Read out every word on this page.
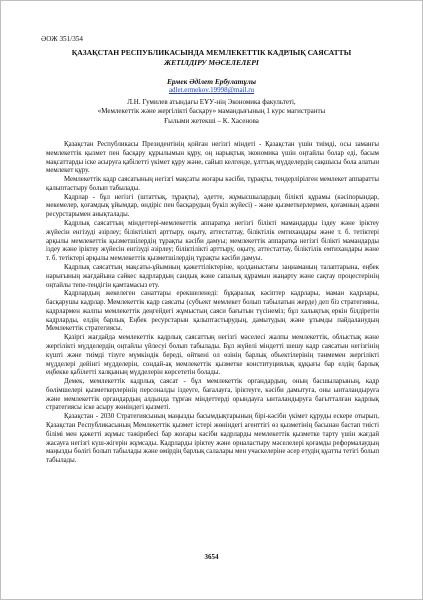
ӘОЖ 351/354
ҚАЗАҚСТАН РЕСПУБЛИКАСЫНДА МЕМЛЕКЕТТІК КАДРЛЫҚ САЯСАТТЫ
ЖЕТІЛДІРУ МӘСЕЛЕЛЕРІ
Ермек Әділет Ербулатұлы
adlet.ermekov.19998@mail.ru
Л.Н. Гумилев атындағы ЕҰУ-нің Экономика факультеті,
«Мемлекеттік және жергілікті басқару» мамандығының 1 курс магистранты
Ғылыми жетекші – К. Хасенова

Қазақстан Республикасы Президентінің қойған негізгі міндеті - Қазақстан үшін тиімді, осы заманғы мемлекеттік қызмет пен басқару құрылымын құру, оң нарықтық экономика үшін оңтайлы болар еді, басым мақсаттарды іске асыруға қабілетті үкімет құру және, сайып келгенде, ұлттық мүдделердің сақшысы бола алатын мемлекет құру.

Мемлекеттік кадр саясатының негізгі мақсаты жоғары кәсіби, тұрақты, тендерлірілген мемлекет аппаратты қалыптастыру болып табылады.

Кадрлар - бұл негізгі (штаттық, тұрақты), әдетте, жұмысшылардың білікті құрамы (кәсіпорындар, мекемелер, қоғамдық ұйымдар, өндіріс пен басқарудың бүкіл жүйесі) - және қызметкерлермен, қоғамның адами ресурстарымен анықталады.

Кадрлық саясаттың міндеттері-мемлекеттік аппаратқа негізгі білікті мамандарды іздеу және іріктеу жүйесін енгізуді әзірлеу; біліктілікті арттыру, оқыту, аттестаттау, біліктілік емтихандары және т. б. тетіктері арқылы мемлекеттік қызметшілердің тұрақты кәсіби дамуы; мемлекеттік аппаратқа негізгі білікті мамандарды іздеу және іріктеу жүйесін енгізуді әзірлеу; біліктілікті арттыру, оқыту, аттестаттау, біліктілік емтихандары және т. б. тетіктері арқылы мемлекеттік қызметшілердің тұрақты кәсіби дамуы.

Кадрлық саясаттың мақсаты-ұйымның қажеттіліктеріне, қолданыстағы заңнаманың талаптарына, еңбек нарығының жағдайына сәйкес кадрлардың сандық және сапалық құрамын жаңарту және сақтау процестерінің оңтайлы тепе-теңдігін қамтамасыз ету.

Кадрлардың жекелеген санаттары ерекшеленеді: бұқаралық кәсіптер кадрлары, маман кадрлары, басқарушы кадрлар. Мемлекеттік кадр саясаты (субъект мемлекет болып табылатын жерде) деп біз стратегияны, кадрлармен жалпы мемлекеттік деңгейдегі жұмыстың саяси бағытын түсінеміз; бұл халықтық еркін білдіретін кадрларды, елдің барлық Еңбек ресурстарын қалыптастырудың, дамытудың және ұтымды пайдаланудың Мемлекеттік стратегиясы.

Қазіргі жағдайда мемлекеттік кадрлық саясаттың негізгі мәселесі жалпы мемлекеттік, облыстық және жергілікті мүдделердің оңтайлы үйлесуі болып табылады. Бұл жүйелі міндетті шешу кадр саясатын негізгінің күшті және тиімді тізуге мүмкіндік береді, өйткені ол өзінің барлық объектілерінің тәнмемен жергілікті мүдделері дейінгі мүдделерін, сондай-ақ мемлекеттік қызметке конституциялық құқығы бар елдің барлық еңбекке қабілетті халқының мүдделерін көрсететін болады.

Демек, мемлекеттік кадрлық саясат - бұл мемлекеттік органдардың, оның басшыларының, кадр бөлімшелері қызметкерлерінің персоналды іздеуге, бағалауға, іріктеуге, кәсіби дамытуға, оны ынталандыруға және мемлекеттік органдардың алдында тұрған міндеттерді орындауға ынталандыруға бағытталған кадрлық стратегиясы іске асыру жөніндегі қызметі.

Қазақстан - 2030 Стратегиясының маңызды басымдықтарының бірі-кәсіби үкімет құруды ескере отырып, Қазақстан Республикасының Мемлекеттік қызмет істері жөніндегі агенттігі өз қызметінің басынан бастап тиісті білімі мен қажетті жұмыс тәжірибесі бар жоғары кәсіби кадрларды мемлекеттік қызметке тарту үшін жағдай жасауға негізгі күш-жігерін жұмсады. Кадрларды іріктеу және орналастыру мәселелері қоғамды реформалаудың маңызды бөлігі болып табылады және өмірдің барлық салалары мен учаскелеріне әсер етудің құатты тетігі болып табылады.

3654
